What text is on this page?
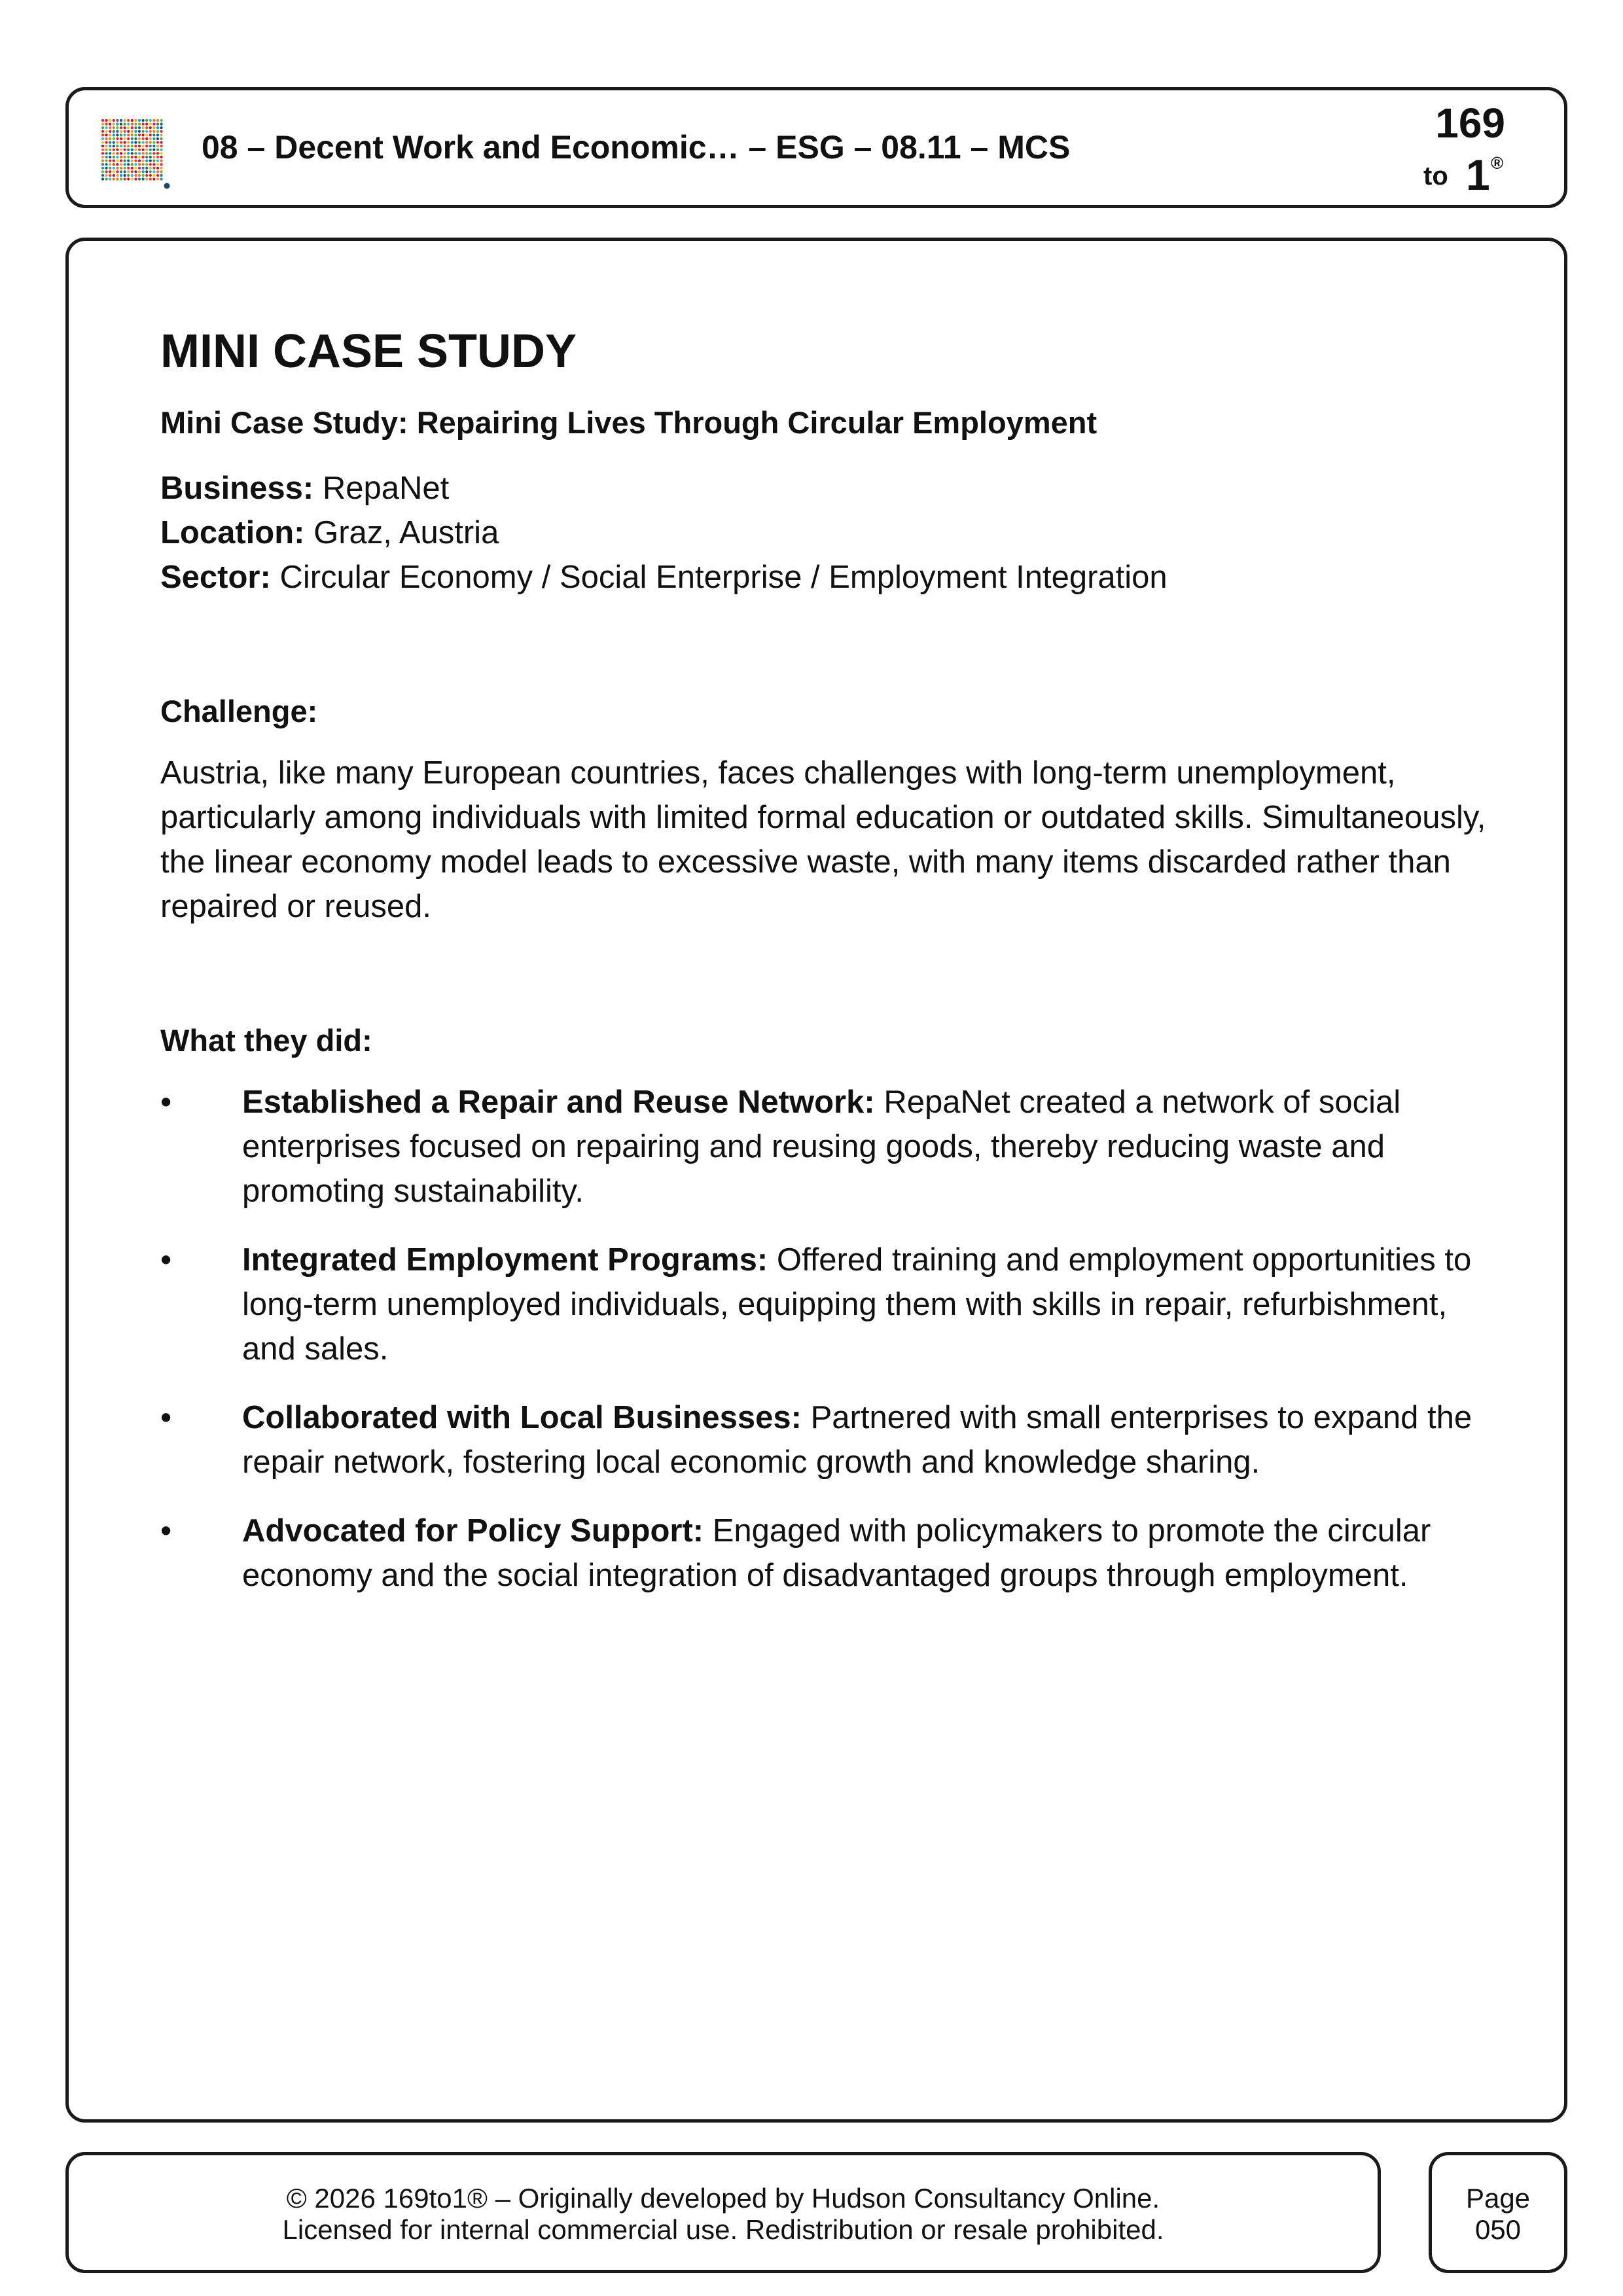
08 – Decent Work and Economic… – ESG – 08.11 – MCS
169
to 1 ®
MINI CASE STUDY
Mini Case Study: Repairing Lives Through Circular Employment
Business: RepaNet
Location: Graz, Austria
Sector: Circular Economy / Social Enterprise / Employment Integration
Challenge:

Austria, like many European countries, faces challenges with long-term unemployment, particularly among individuals with limited formal education or outdated skills. Simultaneously, the linear economy model leads to excessive waste, with many items discarded rather than repaired or reused.

What they did:
• Established a Repair and Reuse Network: RepaNet created a network of social enterprises focused on repairing and reusing goods, thereby reducing waste and promoting sustainability.
• Integrated Employment Programs: Offered training and employment opportunities to long-term unemployed individuals, equipping them with skills in repair, refurbishment, and sales.
• Collaborated with Local Businesses: Partnered with small enterprises to expand the repair network, fostering local economic growth and knowledge sharing.
• Advocated for Policy Support: Engaged with policymakers to promote the circular economy and the social integration of disadvantaged groups through employment.
© 2026 169to1® – Originally developed by Hudson Consultancy Online.
Licensed for internal commercial use. Redistribution or resale prohibited.
Page
050
